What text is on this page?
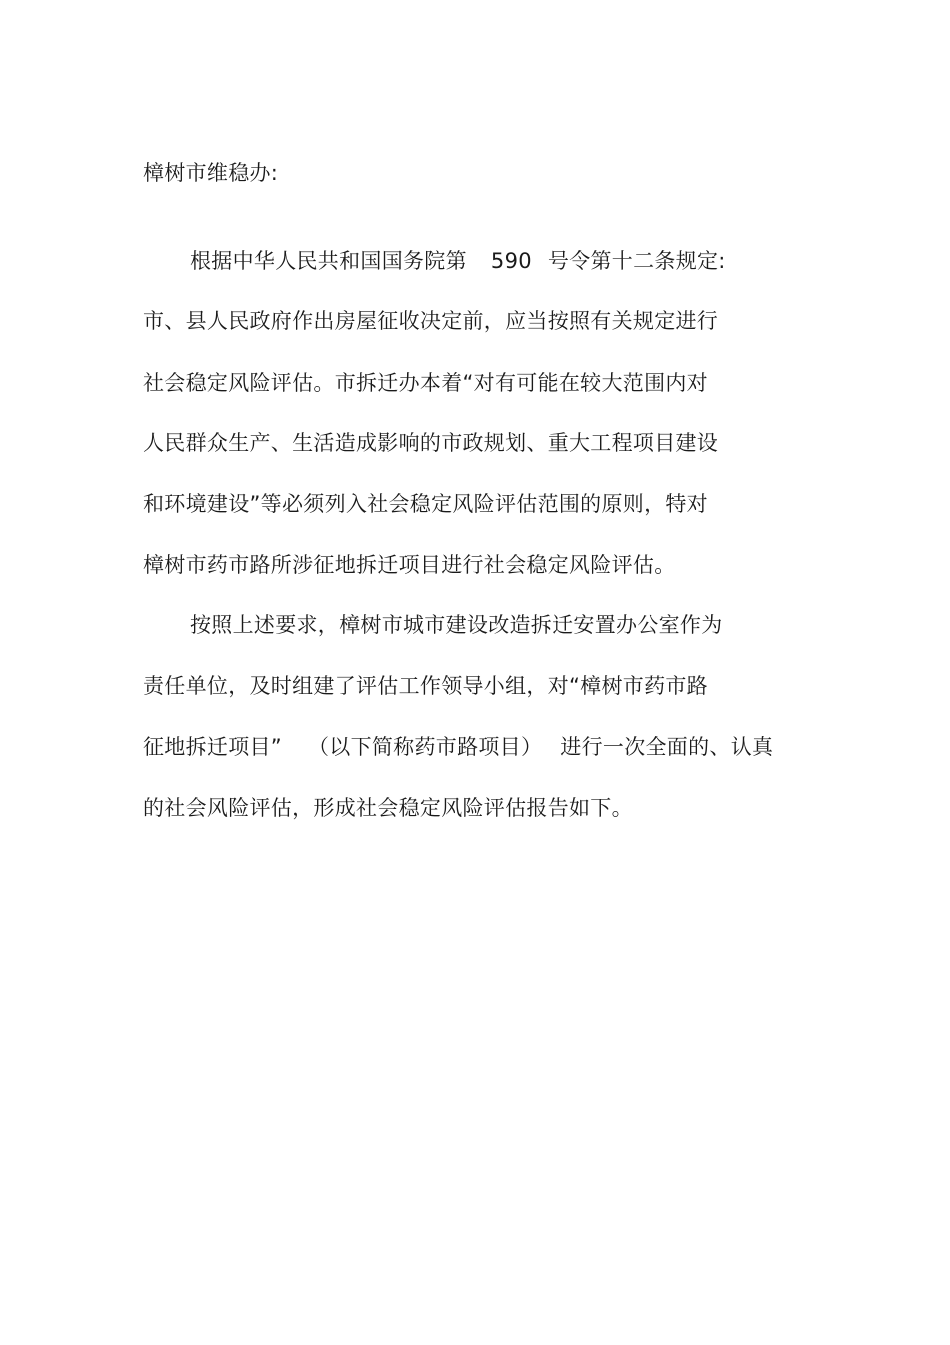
樟树市维稳办:
根据中华人民共和国国务院第 590 号令第十二条规定:
市、县人民政府作出房屋征收决定前，应当按照有关规定进行
社会稳定风险评估。市拆迁办本着“对有可能在较大范围内对
人民群众生产、生活造成影响的市政规划、重大工程项目建设
和环境建设”等必须列入社会稳定风险评估范围的原则，特对
樟树市药市路所涉征地拆迁项目进行社会稳定风险评估。
按照上述要求，樟树市城市建设改造拆迁安置办公室作为
责任单位，及时组建了评估工作领导小组，对“樟树市药市路
征地拆迁项目” （以下简称药市路项目） 进行一次全面的、认真
的社会风险评估，形成社会稳定风险评估报告如下。
